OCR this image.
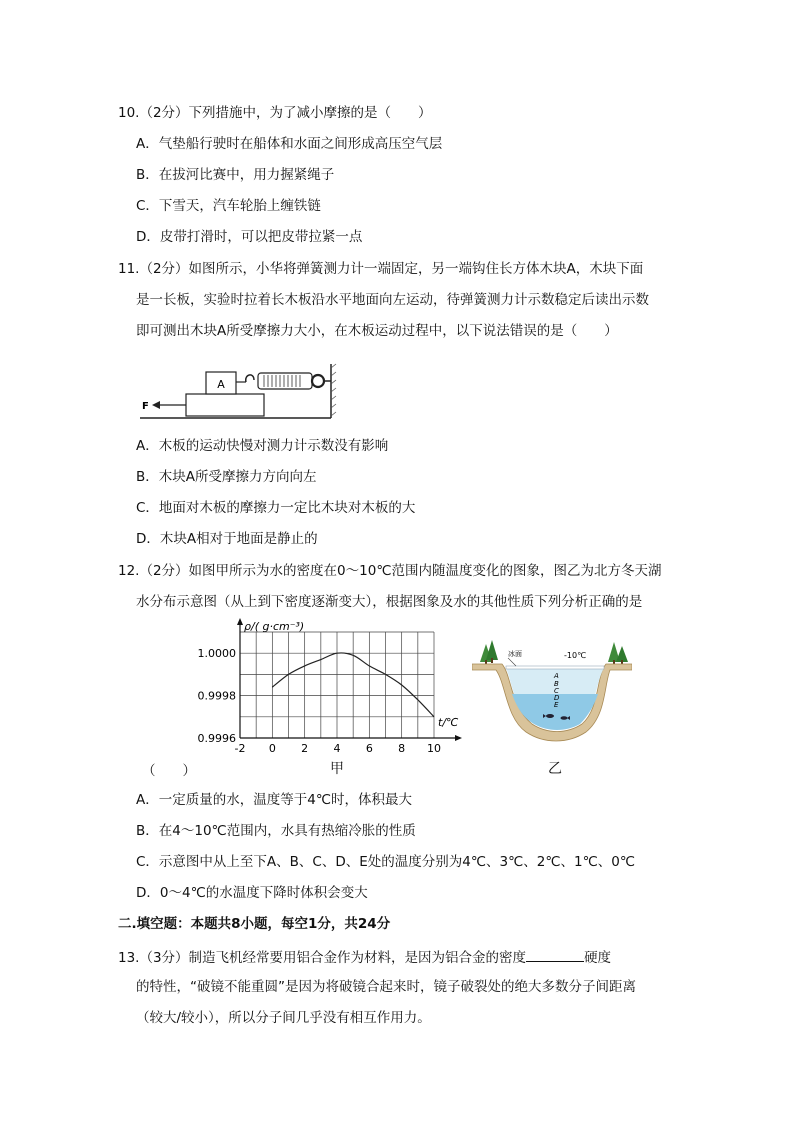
10.（2分）下列措施中，为了减小摩擦的是（　　）
A．气垫船行驶时在船体和水面之间形成高压空气层
B．在拔河比赛中，用力握紧绳子
C．下雪天，汽车轮胎上缠铁链
D．皮带打滑时，可以把皮带拉紧一点
11.（2分）如图所示，小华将弹簧测力计一端固定，另一端钩住长方体木块A，木块下面
是一长板，实验时拉着长木板沿水平地面向左运动，待弹簧测力计示数稳定后读出示数
即可测出木块A所受摩擦力大小，在木板运动过程中，以下说法错误的是（　　）
A
F
A．木板的运动快慢对测力计示数没有影响
B．木块A所受摩擦力方向向左
C．地面对木板的摩擦力一定比木块对木板的大
D．木块A相对于地面是静止的
12.（2分）如图甲所示为水的密度在0～10℃范围内随温度变化的图象，图乙为北方冬天湖
水分布示意图（从上到下密度逐渐变大），根据图象及水的其他性质下列分析正确的是
-2 0 2 4 6 8 10
0.9996
0.9998
1.0000
ρ/( g·cm⁻³)
t/℃
甲
冰面	-10℃
A
B
C
D
E
乙
（　　）
A．一定质量的水，温度等于4℃时，体积最大
B．在4～10℃范围内，水具有热缩冷胀的性质
C．示意图中从上至下A、B、C、D、E处的温度分别为4℃、3℃、2℃、1℃、0℃
D．0～4℃的水温度下降时体积会变大
二.填空题：本题共8小题，每空1分，共24分
13.（3分）制造飞机经常要用铝合金作为材料，是因为铝合金的密度	硬度
的特性，“破镜不能重圆”是因为将破镜合起来时，镜子破裂处的绝大多数分子间距离
（较大/较小），所以分子间几乎没有相互作用力。
